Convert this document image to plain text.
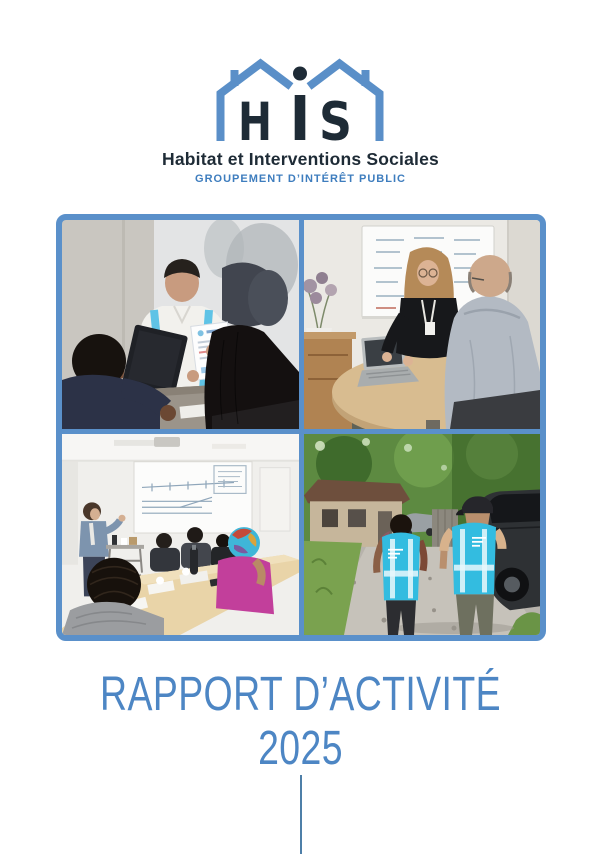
H S
Habitat et Interventions Sociales
GROUPEMENT D’INTÉRÊT PUBLIC
RAPPORT D’ACTIVITÉ
2025
